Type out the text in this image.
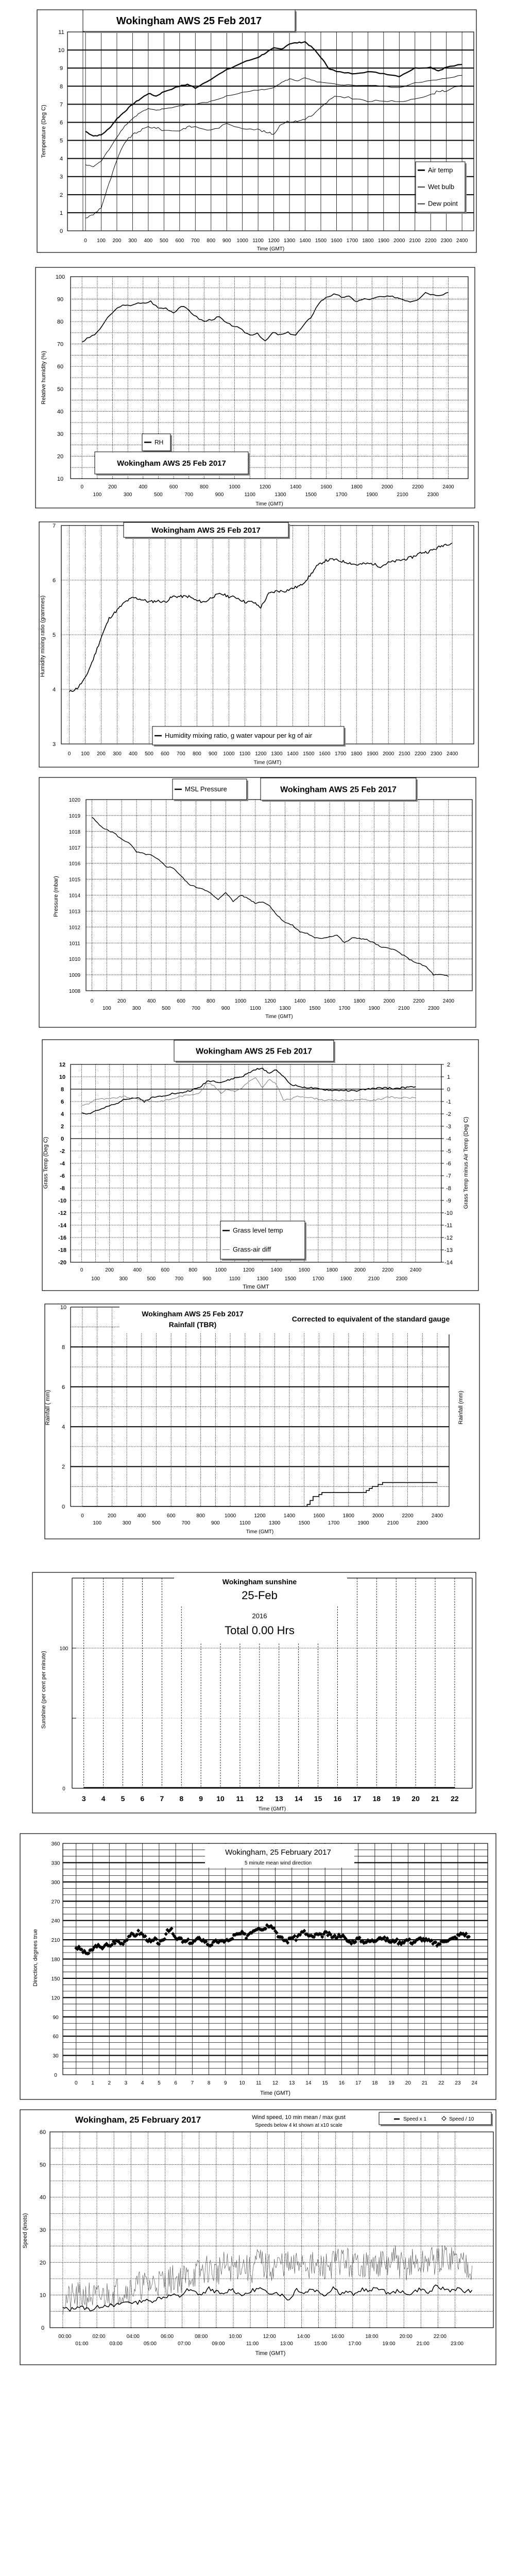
0
1
2
3
4
5
6
7
8
9
10
11
0 100 200 300 400 500 600 700 800 900 1000 1100 1200 1300 1400 1500 1600 1700 1800 1900 2000 2100 2200 2300 2400
Time (GMT)
Temperature (Deg C)
Air temp
Wet bulb
Dew point
Wokingham AWS 25 Feb 2017
10
20
30
40
50
60
70
80
90
100
0	200	400	600	800	1000	1200	1400	1600	1800	2000	2200	2400
100	300	500	700	900	1100	1300	1500	1700	1900	2100	2300
Time (GMT)
Relative humidity (%)
RH
Wokingham AWS 25 Feb 2017
3
4
5
6
7
0 100 200 300 400 500 600 700 800 900 1000 1100 1200 1300 1400 1500 1600 1700 1800 1900 2000 2100 2200 2300 2400
Time (GMT)
Humidity mixing ratio (grammes)
Humidity mixing ratio, g water vapour per kg of air
Wokingham AWS 25 Feb 2017
1008
1009
1010
1011
1012
1013
1014
1015
1016
1017
1018
1019
1020
0	200	400	600	800	1000	1200	1400	1600	1800	2000	2200	2400
100	300	500	700	900	1100	1300	1500	1700	1900	2100	2300
Time (GMT)
Pressure (mbar)
MSL Pressure	Wokingham AWS 25 Feb 2017
12
10
8
6
4
2
0
-2
-4
-6
-8
-10
-12
-14
-16
-18
-20
2
1
0
-1
-2
-3
-4
-5
-6
-7
-8
-9
-10
-11
-12
-13
-14
0	200	400	600	800	1000	1200	1400	1600	1800	2000	2200	2400
100	300	500	700	900	1100	1300	1500	1700	1900	2100	2300
Time GMT
Grass Temp (Deg C)	Grass Temp minus Air Temp (Deg C)
Grass level temp
Grass-air diff
Wokingham AWS 25 Feb 2017
0
2
4
6
8
10
0	200	400	600	800	1000	1200	1400	1600	1800	2000	2200	2400
100	300	500	700	900	1100	1300	1500	1700	1900	2100	2300
Time (GMT)
Rainfall ( mm)	Rainfall (mm)
Wokingham AWS 25 Feb 2017
Rainfall (TBR)
Corrected to equivalent of the standard gauge
100
0
3 4 5 6 7 8 9 10 11 12 13 14 15 16 17 18 19 20 21 22
Time (GMT)
Sunshine (per cent per minute)
Wokingham sunshine
25-Feb
2016
Total 0.00 Hrs
Wokingham, 25 February 2017
5 minute mean wind direction
0
30
60
90
120
150
180
210
240
270
300
330
360
0	1	2	3	4	5	6	7	8	9 10 11 12 13 14 15 16 17 18 19 20 21 22 23 24
Time (GMT)
Direction, degrees true
0
10
20
30
40
50
60
00:00	02:00	04:00	06:00	08:00	10:00	12:00	14:00	16:00	18:00	20:00	22:00
01:00	03:00	05:00	07:00	09:00	11:00	13:00	15:00	17:00	19:00	21:00	23:00
Time (GMT)
Speed (knots)
Wokingham, 25 February 2017	Wind speed, 10 min mean / max gust
Speeds below 4 kt shown at x10 scale
Speed x 1	Speed / 10
